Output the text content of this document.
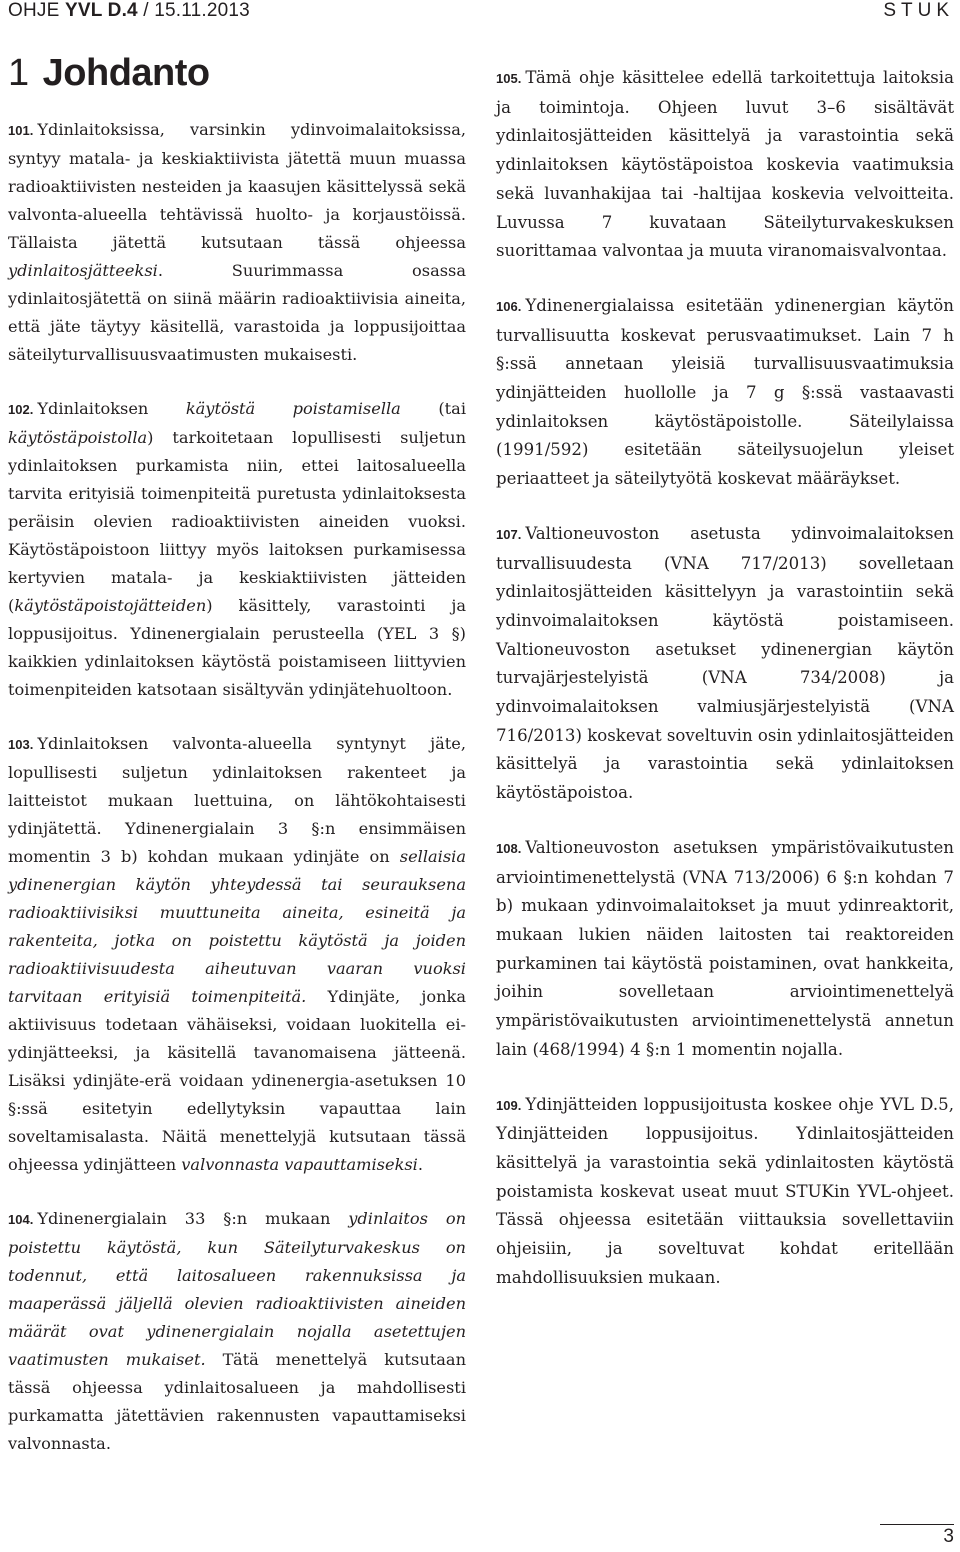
OHJE YVL D.4 / 15.11.2013	STUK
1 Johdanto

101. Ydinlaitoksissa, varsinkin ydinvoimalaitoksissa, syntyy matala- ja keskiaktiivista jätettä muun muassa radioaktiivisten nesteiden ja kaasujen käsittelyssä sekä valvonta-alueella tehtävissä huolto- ja korjaustöissä. Tällaista jätettä kutsutaan tässä ohjeessa ydinlaitosjätteeksi. Suurimmassa osassa ydinlaitosjätettä on siinä määrin radioaktiivisia aineita, että jäte täytyy käsitellä, varastoida ja loppusijoittaa säteilyturvallisuusvaatimusten mukaisesti.

102. Ydinlaitoksen käytöstä poistamisella (tai käytöstäpoistolla) tarkoitetaan lopullisesti suljetun ydinlaitoksen purkamista niin, ettei laitosalueella tarvita erityisiä toimenpiteitä puretusta ydinlaitoksesta peräisin olevien radioaktiivisten aineiden vuoksi. Käytöstäpoistoon liittyy myös laitoksen purkamisessa kertyvien matala- ja keskiaktiivisten jätteiden (käytöstäpoistojätteiden) käsittely, varastointi ja loppusijoitus. Ydinenergialain perusteella (YEL 3 §) kaikkien ydinlaitoksen käytöstä poistamiseen liittyvien toimenpiteiden katsotaan sisältyvän ydinjätehuoltoon.

103. Ydinlaitoksen valvonta-alueella syntynyt jäte, lopullisesti suljetun ydinlaitoksen rakenteet ja laitteistot mukaan luettuina, on lähtökohtaisesti ydinjätettä. Ydinenergialain 3 §:n ensimmäisen momentin 3 b) kohdan mukaan ydinjäte on sellaisia ydinenergian käytön yhteydessä tai seurauksena radioaktiivisiksi muuttuneita aineita, esineitä ja rakenteita, jotka on poistettu käytöstä ja joiden radioaktiivisuudesta aiheutuvan vaaran vuoksi tarvitaan erityisiä toimenpiteitä. Ydinjäte, jonka aktiivisuus todetaan vähäiseksi, voidaan luokitella ei-ydinjätteeksi, ja käsitellä tavanomaisena jätteenä. Lisäksi ydinjäte-erä voidaan ydinenergia-asetuksen 10 §:ssä esitetyin edellytyksin vapauttaa lain soveltamisalasta. Näitä menettelyjä kutsutaan tässä ohjeessa ydinjätteen valvonnasta vapauttamiseksi.

104. Ydinenergialain 33 §:n mukaan ydinlaitos on poistettu käytöstä, kun Säteilyturvakeskus on todennut, että laitosalueen rakennuksissa ja maaperässä jäljellä olevien radioaktiivisten aineiden määrät ovat ydinenergialain nojalla asetettujen vaatimusten mukaiset. Tätä menettelyä kutsutaan tässä ohjeessa ydinlaitosalueen ja mahdollisesti purkamatta jätettävien rakennusten vapauttamiseksi valvonnasta.

105. Tämä ohje käsittelee edellä tarkoitettuja laitoksia ja toimintoja. Ohjeen luvut 3–6 sisältävät ydinlaitosjätteiden käsittelyä ja varastointia sekä ydinlaitoksen käytöstäpoistoa koskevia vaatimuksia sekä luvanhakijaa tai -haltijaa koskevia velvoitteita. Luvussa 7 kuvataan Säteilyturvakeskuksen suorittamaa valvontaa ja muuta viranomaisvalvontaa.

106. Ydinenergialaissa esitetään ydinenergian käytön turvallisuutta koskevat perusvaatimukset. Lain 7 h §:ssä annetaan yleisiä turvallisuusvaatimuksia ydinjätteiden huollolle ja 7 g §:ssä vastaavasti ydinlaitoksen käytöstäpoistolle. Säteilylaissa (1991/592) esitetään säteilysuojelun yleiset periaatteet ja säteilytyötä koskevat määräykset.

107. Valtioneuvoston asetusta ydinvoimalaitoksen turvallisuudesta (VNA 717/2013) sovelletaan ydinlaitosjätteiden käsittelyyn ja varastointiin sekä ydinvoimalaitoksen käytöstä poistamiseen. Valtioneuvoston asetukset ydinenergian käytön turvajärjestelyistä (VNA 734/2008) ja ydinvoimalaitoksen valmiusjärjestelyistä (VNA 716/2013) koskevat soveltuvin osin ydinlaitosjätteiden käsittelyä ja varastointia sekä ydinlaitoksen käytöstäpoistoa.

108. Valtioneuvoston asetuksen ympäristövaikutusten arviointimenettelystä (VNA 713/2006) 6 §:n kohdan 7 b) mukaan ydinvoimalaitokset ja muut ydinreaktorit, mukaan lukien näiden laitosten tai reaktoreiden purkaminen tai käytöstä poistaminen, ovat hankkeita, joihin sovelletaan arviointimenettelyä ympäristövaikutusten arviointimenettelystä annetun lain (468/1994) 4 §:n 1 momentin nojalla.

109. Ydinjätteiden loppusijoitusta koskee ohje YVL D.5, Ydinjätteiden loppusijoitus. Ydinlaitosjätteiden käsittelyä ja varastointia sekä ydinlaitosten käytöstä poistamista koskevat useat muut STUKin YVL-ohjeet. Tässä ohjeessa esitetään viittauksia sovellettaviin ohjeisiin, ja soveltuvat kohdat eritellään mahdollisuuksien mukaan.

3
